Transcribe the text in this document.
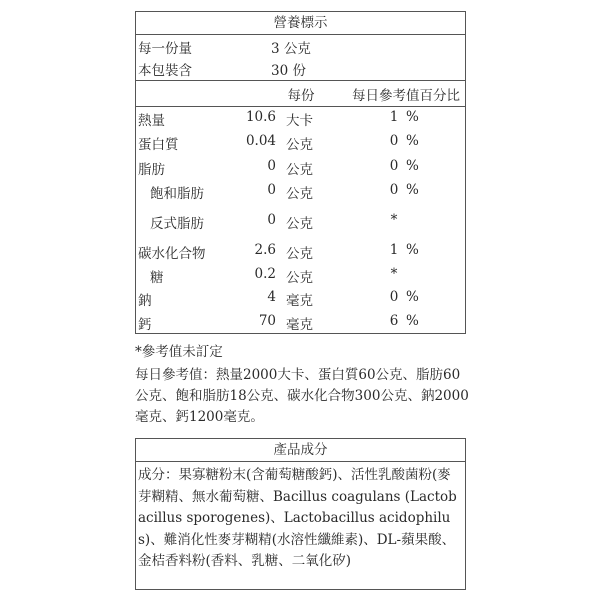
營養標示
每一份量	3 公克
本包裝含	30 份
每份	每日參考值百分比
熱量	10.6 大卡	1 %
蛋白質	0.04 公克	0 %
脂肪	0 公克	0 %
飽和脂肪	0 公克	0 %
反式脂肪	0 公克	*
碳水化合物	2.6 公克	1 %
糖	0.2 公克	*
鈉	4 毫克	0 %
鈣	70 毫克	6 %
*參考值未訂定
每日參考值：熱量2000大卡、蛋白質60公克、脂肪60公克、飽和脂肪18公克、碳水化合物300公克、鈉2000毫克、鈣1200毫克。
產品成分
成分：果寡糖粉末(含葡萄糖酸鈣)、活性乳酸菌粉(麥芽糊精、無水葡萄糖、Bacillus coagulans (Lactobacillus sporogenes)、Lactobacillus acidophilus)、難消化性麥芽糊精(水溶性纖維素)、DL-蘋果酸、金桔香料粉(香料、乳糖、二氧化矽)
